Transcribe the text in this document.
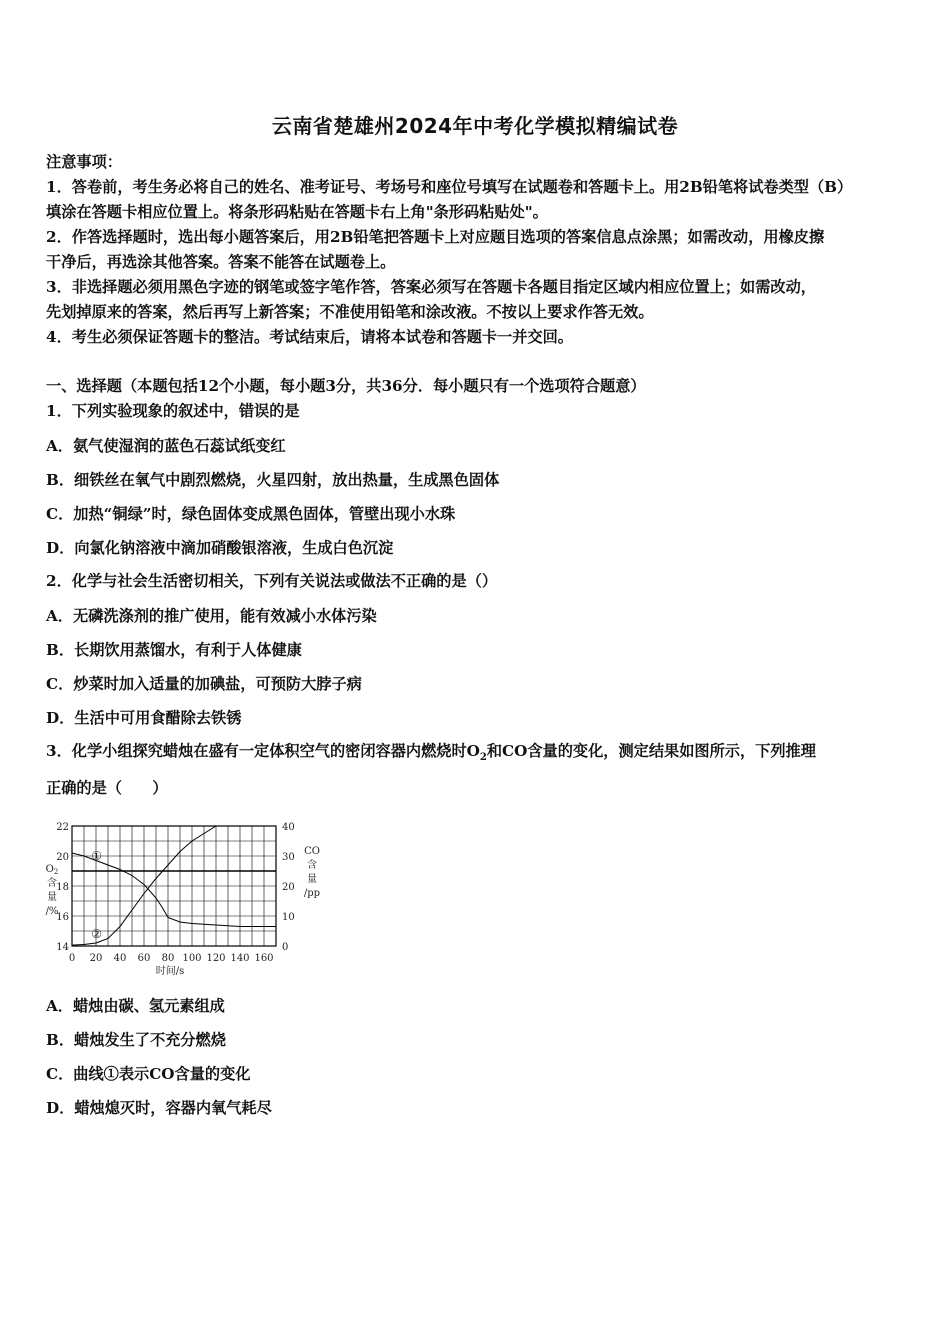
云南省楚雄州2024年中考化学模拟精编试卷
注意事项：
1．答卷前，考生务必将自己的姓名、准考证号、考场号和座位号填写在试题卷和答题卡上。用2B铅笔将试卷类型（B）
填涂在答题卡相应位置上。将条形码粘贴在答题卡右上角"条形码粘贴处"。
2．作答选择题时，选出每小题答案后，用2B铅笔把答题卡上对应题目选项的答案信息点涂黑；如需改动，用橡皮擦
干净后，再选涂其他答案。答案不能答在试题卷上。
3．非选择题必须用黑色字迹的钢笔或签字笔作答，答案必须写在答题卡各题目指定区域内相应位置上；如需改动，
先划掉原来的答案，然后再写上新答案；不准使用铅笔和涂改液。不按以上要求作答无效。
4．考生必须保证答题卡的整洁。考试结束后，请将本试卷和答题卡一并交回。
一、选择题（本题包括12个小题，每小题3分，共36分．每小题只有一个选项符合题意）
1．下列实验现象的叙述中，错误的是
A．氨气使湿润的蓝色石蕊试纸变红
B．细铁丝在氧气中剧烈燃烧，火星四射，放出热量，生成黑色固体
C．加热“铜绿”时，绿色固体变成黑色固体，管壁出现小水珠
D．向氯化钠溶液中滴加硝酸银溶液，生成白色沉淀
2．化学与社会生活密切相关，下列有关说法或做法不正确的是（）
A．无磷洗涤剂的推广使用，能有效减小水体污染
B．长期饮用蒸馏水，有利于人体健康
C．炒菜时加入适量的加碘盐，可预防大脖子病
D．生活中可用食醋除去铁锈
3．化学小组探究蜡烛在盛有一定体积空气的密闭容器内燃烧时$O_2$和CO含量的变化，测定结果如图所示，下列推理
正确的是（　　）
0 20 40 60 80 100 120 140 160
14
16
18
20
22
0
10
20
30
40
①
②
时间/s
$O_2$
含
量
/%
CO
含
量
/pp
A．蜡烛由碳、氢元素组成
B．蜡烛发生了不充分燃烧
C．曲线①表示CO含量的变化
D．蜡烛熄灭时，容器内氧气耗尽
